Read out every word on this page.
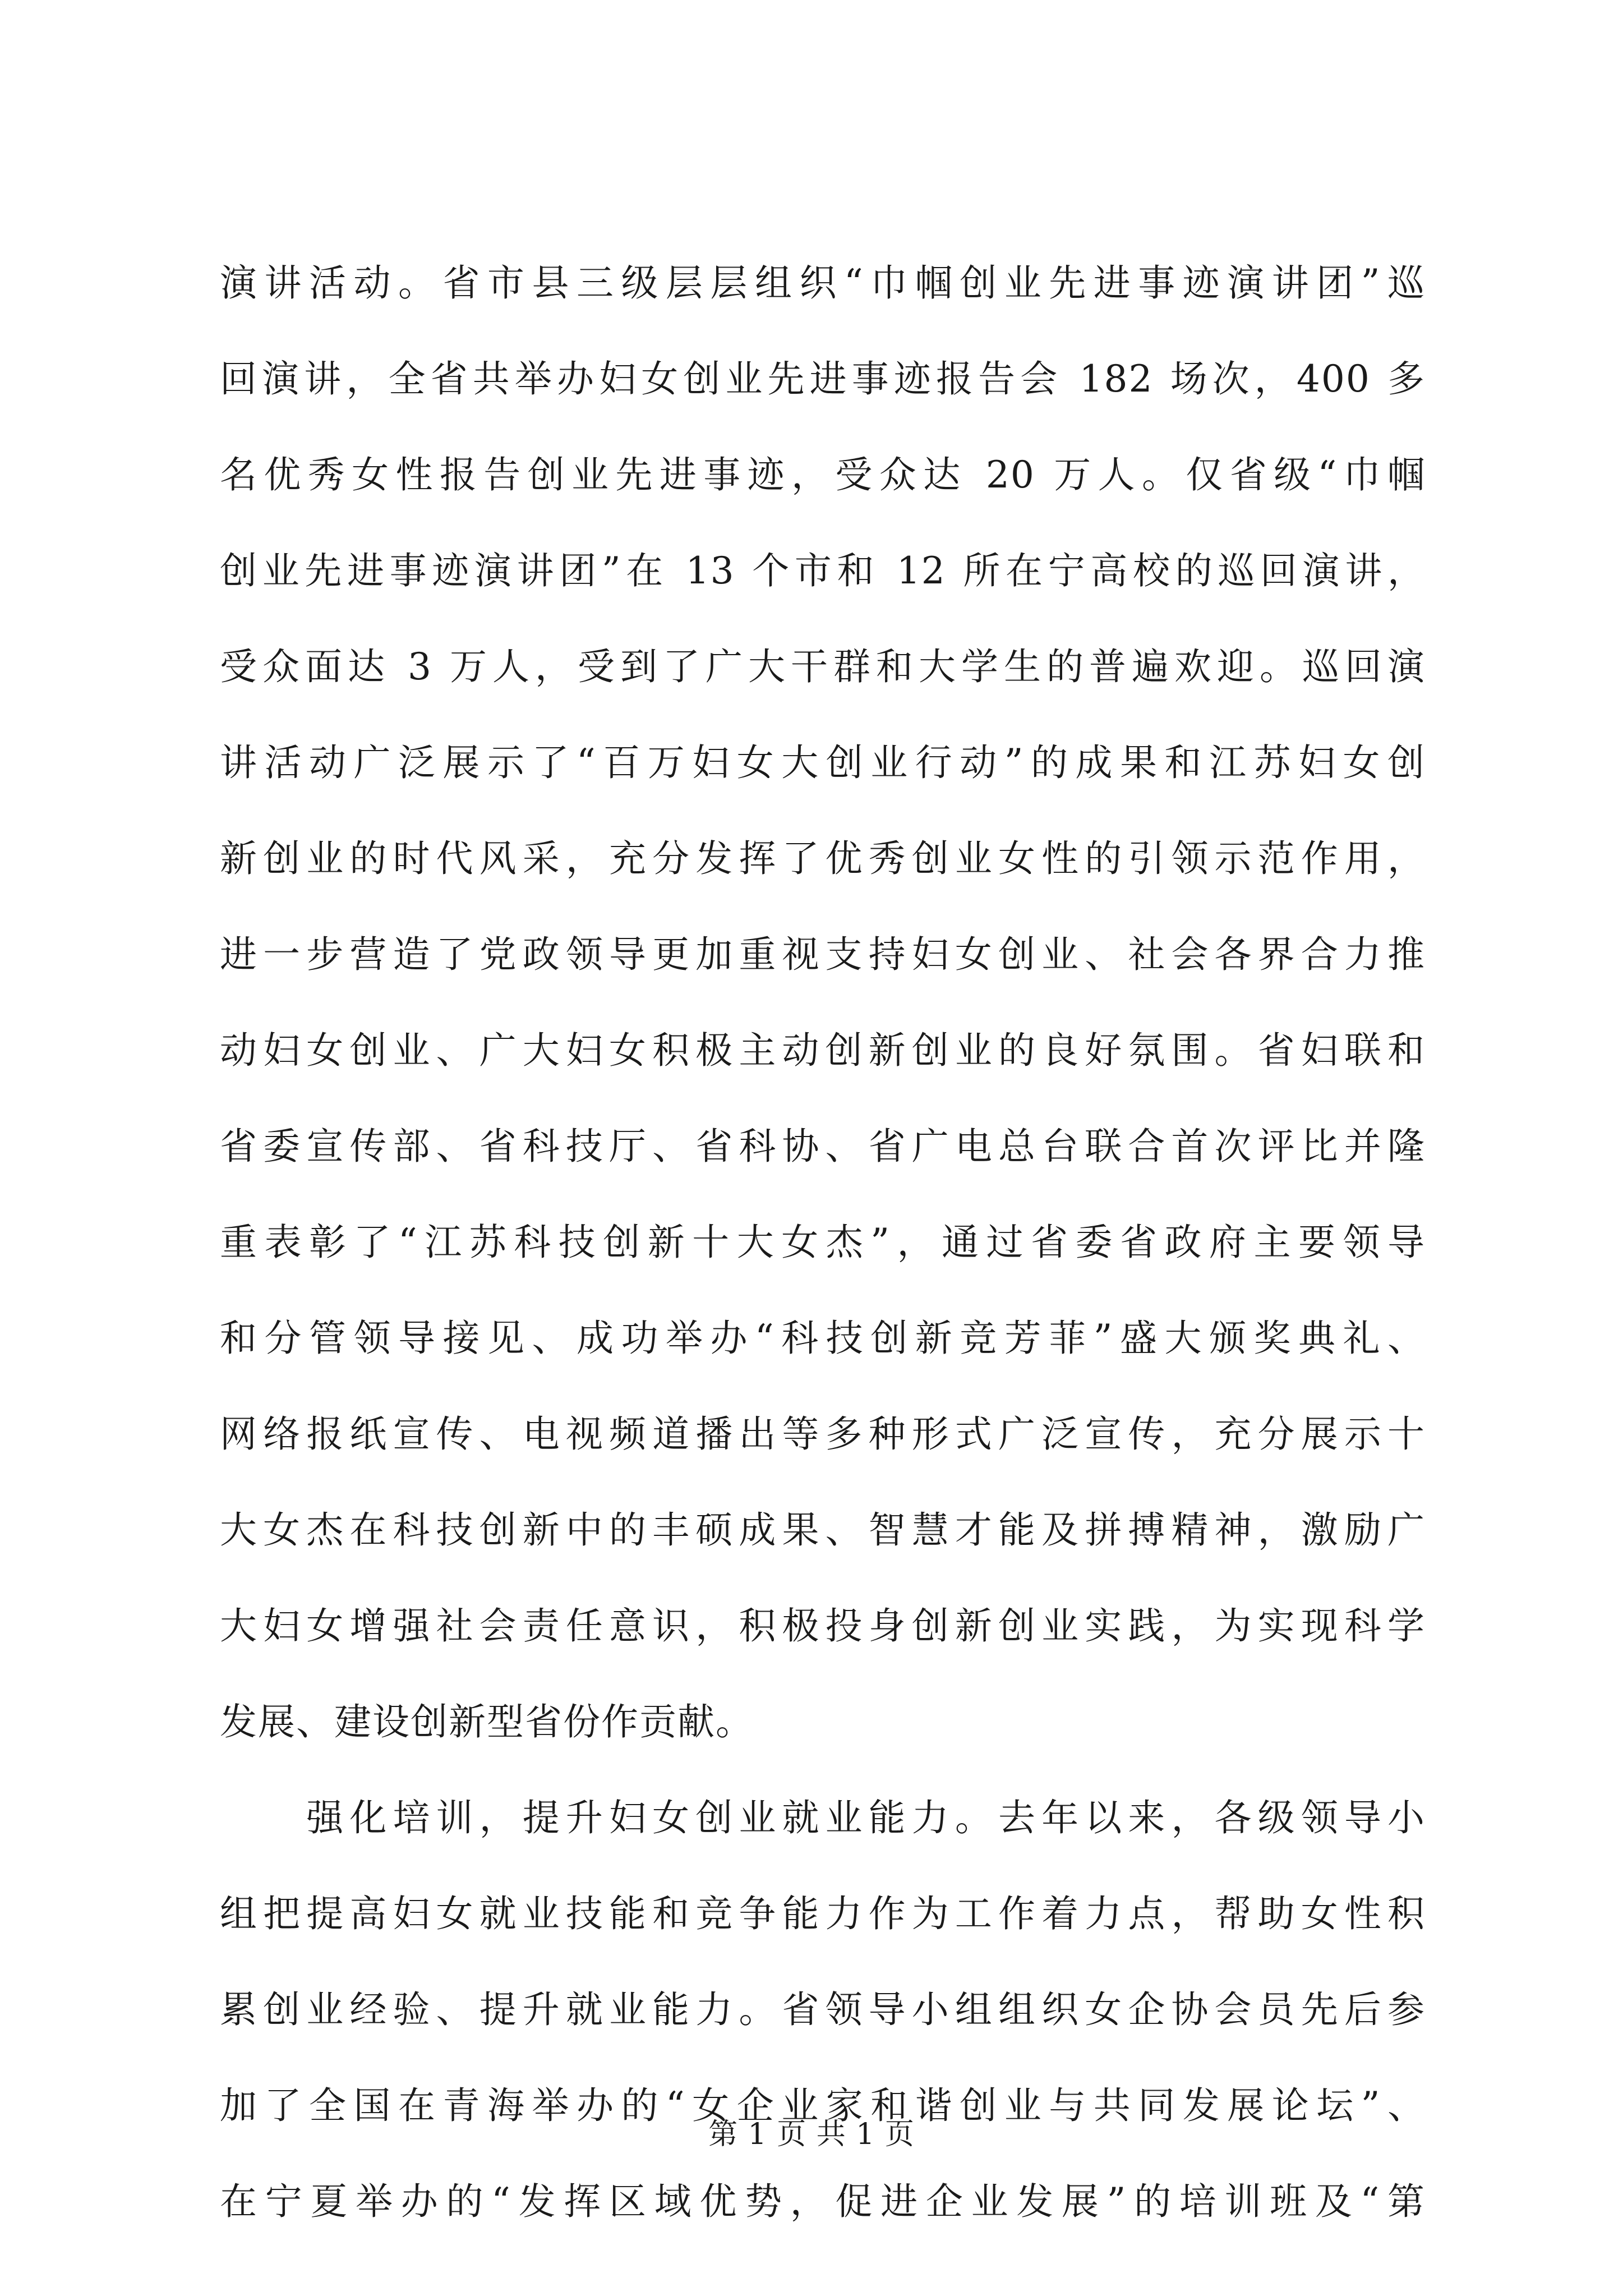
演讲活动。省市县三级层层组织“巾帼创业先进事迹演讲团”巡
回演讲，全省共举办妇女创业先进事迹报告会 182 场次，400 多
名优秀女性报告创业先进事迹，受众达 20 万人。仅省级“巾帼
创业先进事迹演讲团”在 13 个市和 12 所在宁高校的巡回演讲，
受众面达 3 万人，受到了广大干群和大学生的普遍欢迎。巡回演
讲活动广泛展示了“百万妇女大创业行动”的成果和江苏妇女创
新创业的时代风采，充分发挥了优秀创业女性的引领示范作用，
进一步营造了党政领导更加重视支持妇女创业、社会各界合力推
动妇女创业、广大妇女积极主动创新创业的良好氛围。省妇联和
省委宣传部、省科技厅、省科协、省广电总台联合首次评比并隆
重表彰了“江苏科技创新十大女杰”，通过省委省政府主要领导
和分管领导接见、成功举办“科技创新竞芳菲”盛大颁奖典礼、
网络报纸宣传、电视频道播出等多种形式广泛宣传，充分展示十
大女杰在科技创新中的丰硕成果、智慧才能及拼搏精神，激励广
大妇女增强社会责任意识，积极投身创新创业实践，为实现科学
发展、建设创新型省份作贡献。
　　强化培训，提升妇女创业就业能力。去年以来，各级领导小
组把提高妇女就业技能和竞争能力作为工作着力点，帮助女性积
累创业经验、提升就业能力。省领导小组组织女企协会员先后参
加了全国在青海举办的“女企业家和谐创业与共同发展论坛”、
在宁夏举办的“发挥区域优势，促进企业发展”的培训班及“第
第 1 页 共 1 页
